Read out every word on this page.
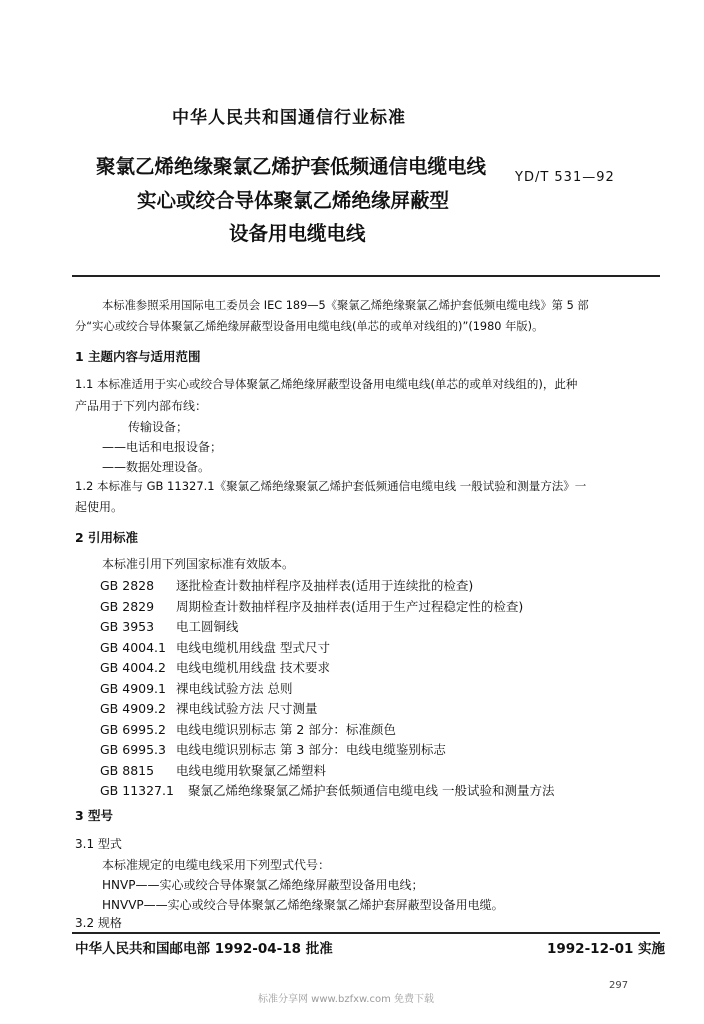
中华人民共和国通信行业标准
聚氯乙烯绝缘聚氯乙烯护套低频通信电缆电线
实心或绞合导体聚氯乙烯绝缘屏蔽型
设备用电缆电线
YD/T 531—92
本标准参照采用国际电工委员会 IEC 189—5《聚氯乙烯绝缘聚氯乙烯护套低频电缆电线》第 5 部
分“实心或绞合导体聚氯乙烯绝缘屏蔽型设备用电缆电线(单芯的或单对线组的)”(1980 年版)。
1 主题内容与适用范围
1.1 本标准适用于实心或绞合导体聚氯乙烯绝缘屏蔽型设备用电缆电线(单芯的或单对线组的)，此种
产品用于下列内部布线：
传输设备；
——电话和电报设备；
——数据处理设备。
1.2 本标准与 GB 11327.1《聚氯乙烯绝缘聚氯乙烯护套低频通信电缆电线 一般试验和测量方法》一
起使用。
2 引用标准
本标准引用下列国家标准有效版本。
GB 2828 逐批检查计数抽样程序及抽样表(适用于连续批的检查)
GB 2829 周期检查计数抽样程序及抽样表(适用于生产过程稳定性的检查)
GB 3953 电工圆铜线
GB 4004.1 电线电缆机用线盘 型式尺寸
GB 4004.2 电线电缆机用线盘 技术要求
GB 4909.1 裸电线试验方法 总则
GB 4909.2 裸电线试验方法 尺寸测量
GB 6995.2 电线电缆识别标志 第 2 部分：标准颜色
GB 6995.3 电线电缆识别标志 第 3 部分：电线电缆鉴别标志
GB 8815 电线电缆用软聚氯乙烯塑料
GB 11327.1 聚氯乙烯绝缘聚氯乙烯护套低频通信电缆电线 一般试验和测量方法
3 型号
3.1 型式
本标准规定的电缆电线采用下列型式代号：
HNVP——实心或绞合导体聚氯乙烯绝缘屏蔽型设备用电线；
HNVVP——实心或绞合导体聚氯乙烯绝缘聚氯乙烯护套屏蔽型设备用电缆。
3.2 规格
中华人民共和国邮电部 1992-04-18 批准	1992-12-01 实施
297
标准分享网 www.bzfxw.com 免费下载
